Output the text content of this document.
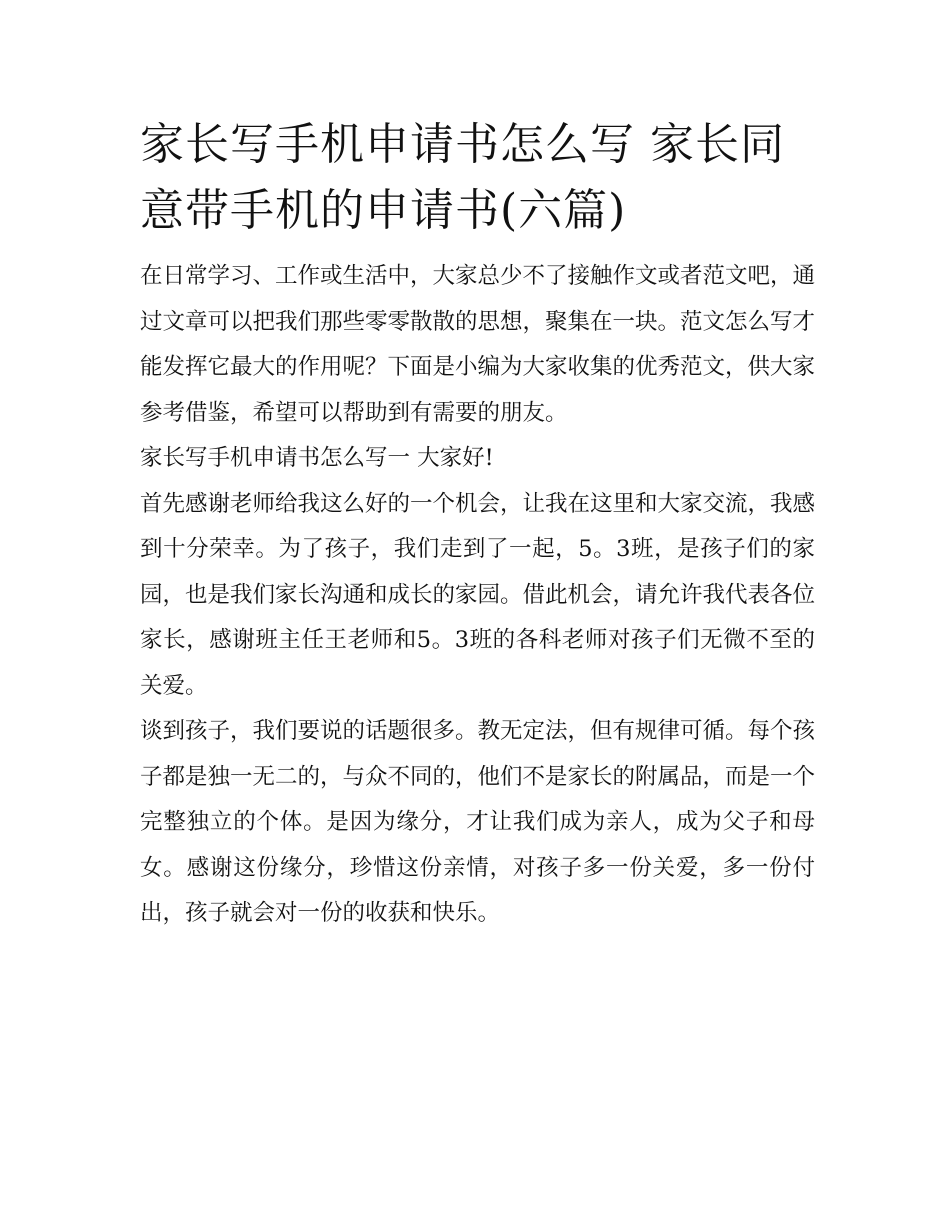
家长写手机申请书怎么写 家长同意带手机的申请书(六篇)

在日常学习、工作或生活中，大家总少不了接触作文或者范文吧，通过文章可以把我们那些零零散散的思想，聚集在一块。范文怎么写才能发挥它最大的作用呢？下面是小编为大家收集的优秀范文，供大家参考借鉴，希望可以帮助到有需要的朋友。

家长写手机申请书怎么写一 大家好!

首先感谢老师给我这么好的一个机会，让我在这里和大家交流，我感到十分荣幸。为了孩子，我们走到了一起，5。3班，是孩子们的家园，也是我们家长沟通和成长的家园。借此机会，请允许我代表各位家长，感谢班主任王老师和5。3班的各科老师对孩子们无微不至的关爱。

谈到孩子，我们要说的话题很多。教无定法，但有规律可循。每个孩子都是独一无二的，与众不同的，他们不是家长的附属品，而是一个完整独立的个体。是因为缘分，才让我们成为亲人，成为父子和母女。感谢这份缘分，珍惜这份亲情，对孩子多一份关爱，多一份付出，孩子就会对一份的收获和快乐。
